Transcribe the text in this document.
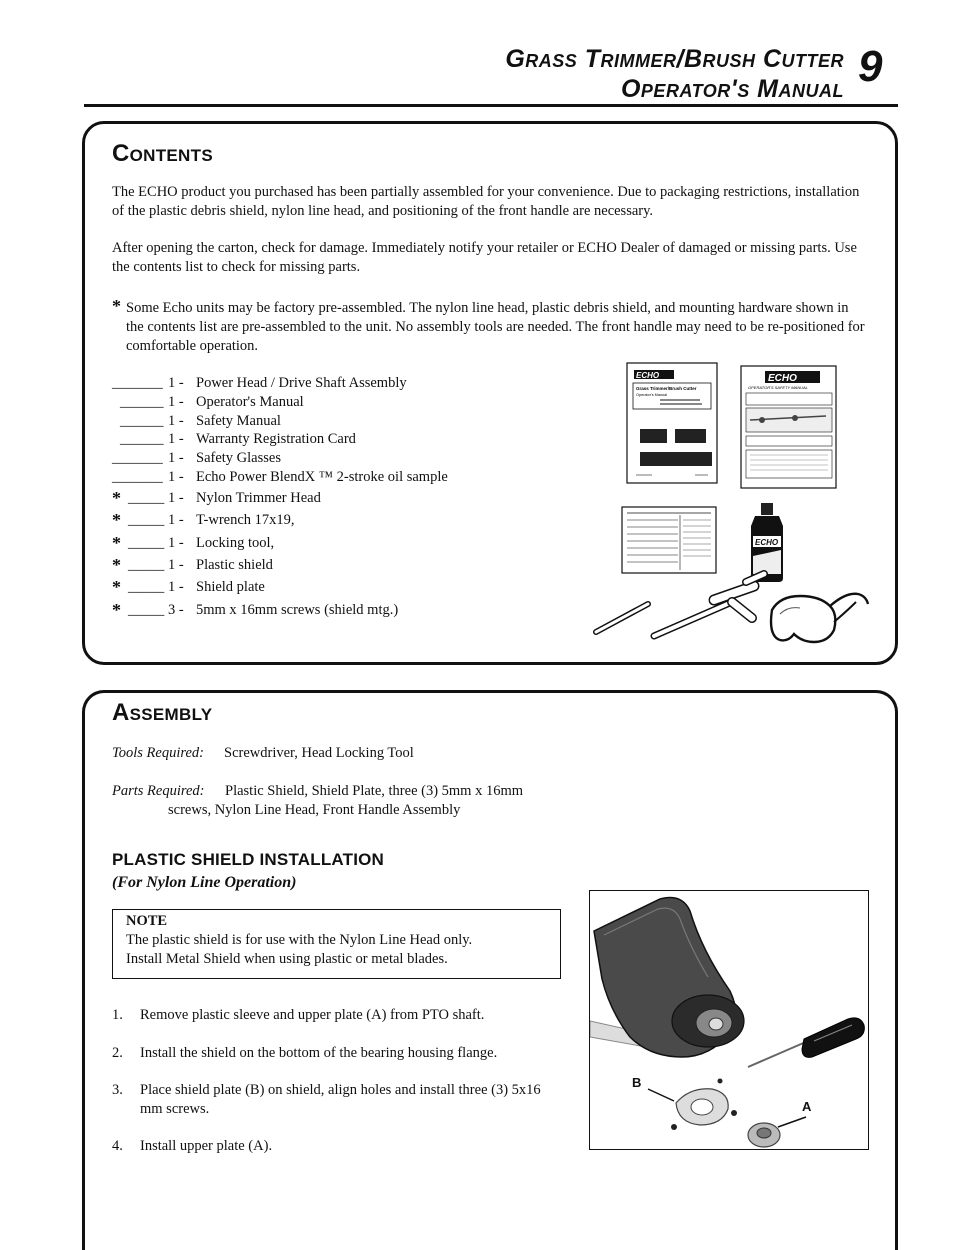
Grass Trimmer/Brush Cutter
Operator's Manual 9
Contents
The ECHO product you purchased has been partially assembled for your convenience. Due to packaging restrictions, installation of the plastic debris shield, nylon line head, and positioning of the front handle are necessary.
After opening the carton, check for damage. Immediately notify your retailer or ECHO Dealer of damaged or missing parts. Use the contents list to check for missing parts.
* Some Echo units may be factory pre-assembled. The nylon line head, plastic debris shield, and mounting hardware shown in the contents list are pre-assembled to the unit. No assembly tools are needed. The front handle may need to be re-positioned for comfortable operation.
_______ 1 - Power Head / Drive Shaft Assembly
______ 1 - Operator's Manual
______ 1 - Safety Manual
______ 1 - Warranty Registration Card
_______ 1 - Safety Glasses
_______ 1 - Echo Power BlendX ™ 2-stroke oil sample
* _____ 1 - Nylon Trimmer Head
* _____ 1 - T-wrench 17x19,
* _____ 1 - Locking tool,
* _____ 1 - Plastic shield
* _____ 1 - Shield plate
* _____ 3 - 5mm x 16mm screws (shield mtg.)
ECHO
Grass Trimmer/Brush Cutter
Operator's Manual
ECHO
OPERATOR'S SAFETY MANUAL
ECHO
Assembly
Tools Required: Screwdriver, Head Locking Tool
Parts Required: Plastic Shield, Shield Plate, three (3) 5mm x 16mm
screws, Nylon Line Head, Front Handle Assembly
PLASTIC SHIELD INSTALLATION
(For Nylon Line Operation)
NOTE
The plastic shield is for use with the Nylon Line Head only.
Install Metal Shield when using plastic or metal blades.
1. Remove plastic sleeve and upper plate (A) from PTO shaft.
2. Install the shield on the bottom of the bearing housing flange.
3. Place shield plate (B) on shield, align holes and install three (3) 5x16 mm screws.
4. Install upper plate (A).
B
A
